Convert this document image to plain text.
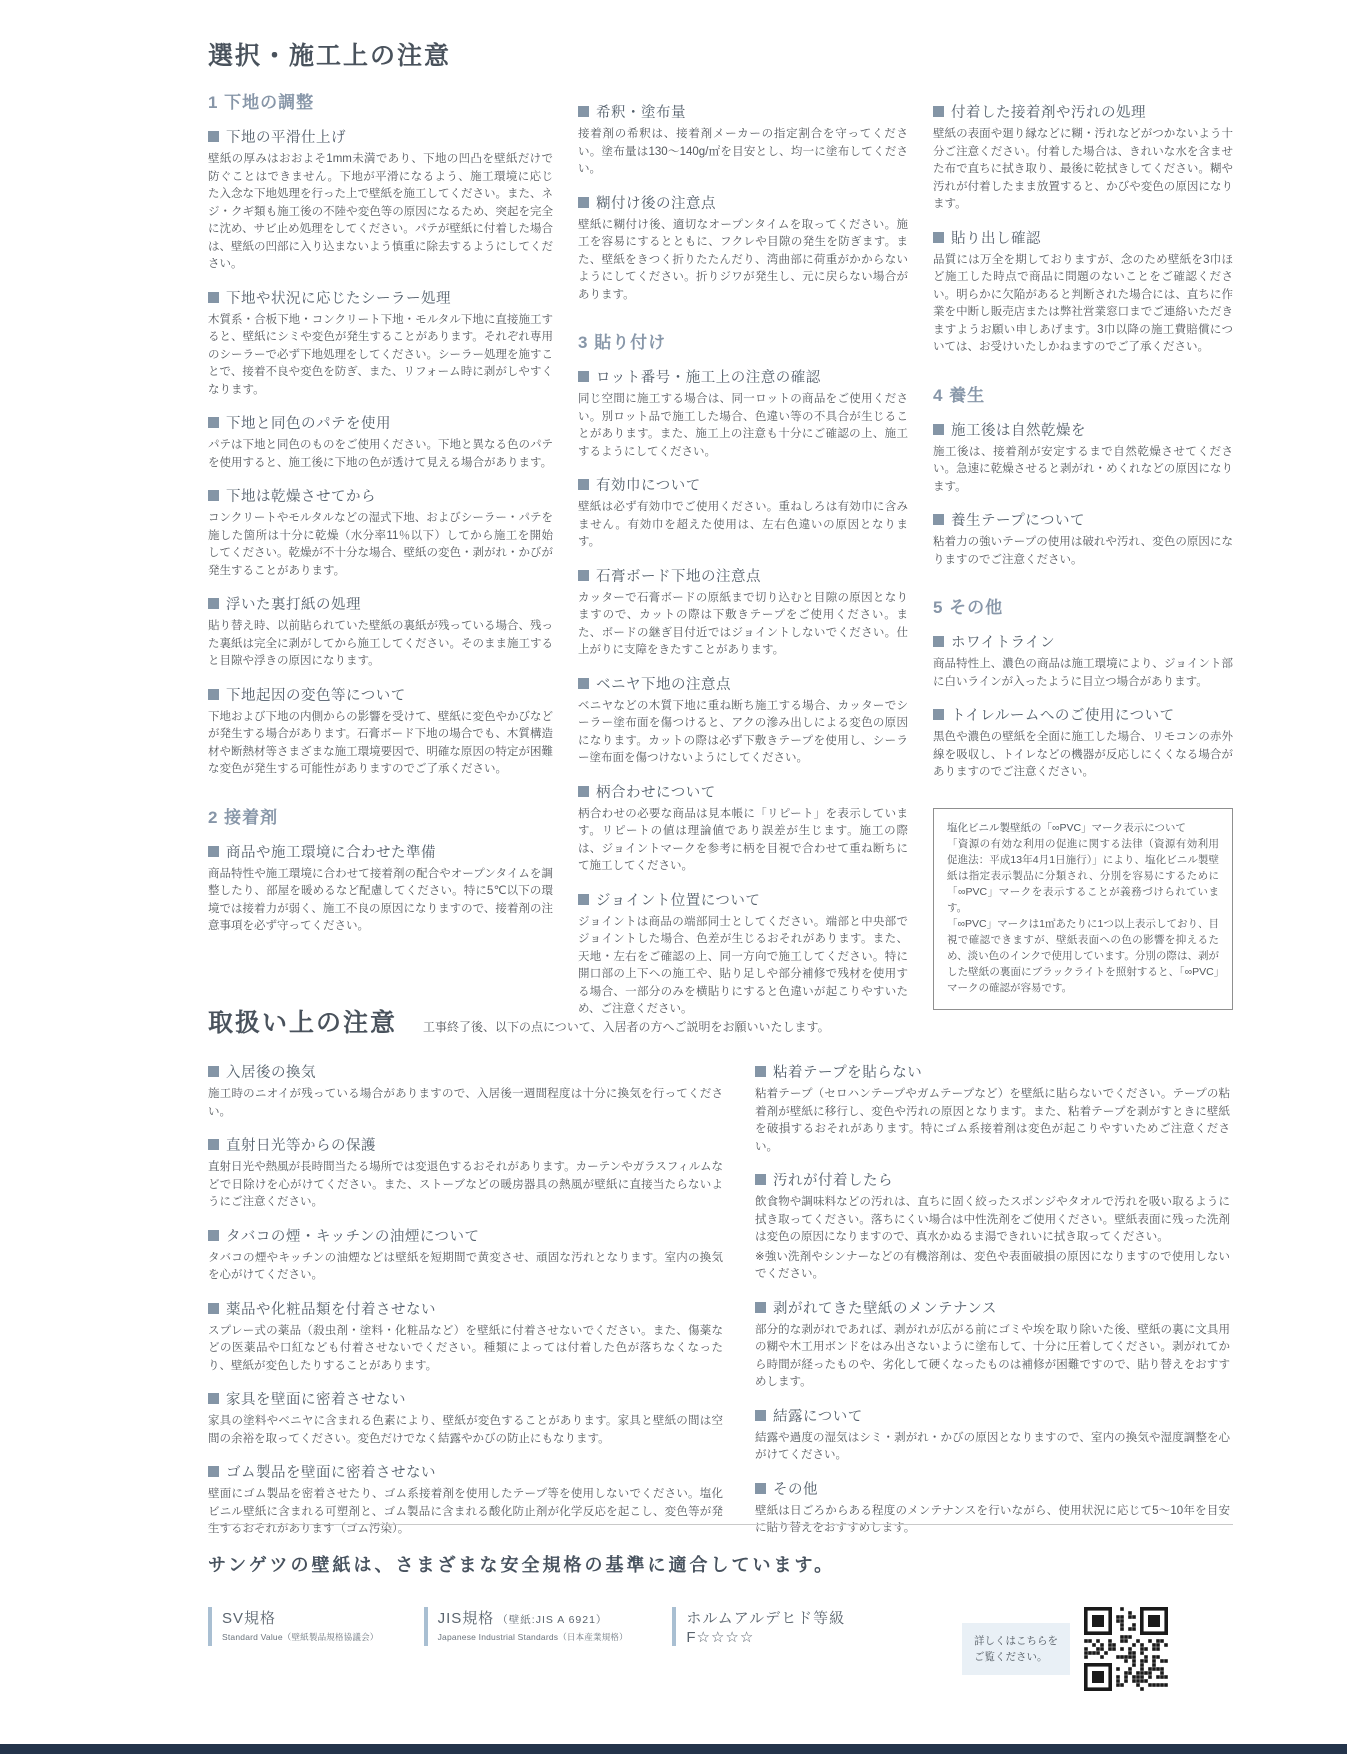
選択・施工上の注意
1 下地の調整
下地の平滑仕上げ

壁紙の厚みはおおよそ1mm未満であり、下地の凹凸を壁紙だけで防ぐことはできません。下地が平滑になるよう、施工環境に応じた入念な下地処理を行った上で壁紙を施工してください。また、ネジ・クギ類も施工後の不陸や変色等の原因になるため、突起を完全に沈め、サビ止め処理をしてください。パテが壁紙に付着した場合は、壁紙の凹部に入り込まないよう慎重に除去するようにしてください。

下地や状況に応じたシーラー処理

木質系・合板下地・コンクリート下地・モルタル下地に直接施工すると、壁紙にシミや変色が発生することがあります。それぞれ専用のシーラーで必ず下地処理をしてください。シーラー処理を施すことで、接着不良や変色を防ぎ、また、リフォーム時に剥がしやすくなります。

下地と同色のパテを使用

パテは下地と同色のものをご使用ください。下地と異なる色のパテを使用すると、施工後に下地の色が透けて見える場合があります。

下地は乾燥させてから

コンクリートやモルタルなどの湿式下地、およびシーラー・パテを施した箇所は十分に乾燥（水分率11％以下）してから施工を開始してください。乾燥が不十分な場合、壁紙の変色・剥がれ・かびが発生することがあります。

浮いた裏打紙の処理

貼り替え時、以前貼られていた壁紙の裏紙が残っている場合、残った裏紙は完全に剥がしてから施工してください。そのまま施工すると目隙や浮きの原因になります。

下地起因の変色等について

下地および下地の内側からの影響を受けて、壁紙に変色やかびなどが発生する場合があります。石膏ボード下地の場合でも、木質構造材や断熱材等さまざまな施工環境要因で、明確な原因の特定が困難な変色が発生する可能性がありますのでご了承ください。

2 接着剤
商品や施工環境に合わせた準備

商品特性や施工環境に合わせて接着剤の配合やオープンタイムを調整したり、部屋を暖めるなど配慮してください。特に5℃以下の環境では接着力が弱く、施工不良の原因になりますので、接着剤の注意事項を必ず守ってください。

希釈・塗布量

接着剤の希釈は、接着剤メーカーの指定割合を守ってください。塗布量は130〜140g/㎡を目安とし、均一に塗布してください。

糊付け後の注意点

壁紙に糊付け後、適切なオープンタイムを取ってください。施工を容易にするとともに、フクレや目隙の発生を防ぎます。また、壁紙をきつく折りたたんだり、湾曲部に荷重がかからないようにしてください。折りジワが発生し、元に戻らない場合があります。

3 貼り付け
ロット番号・施工上の注意の確認

同じ空間に施工する場合は、同一ロットの商品をご使用ください。別ロット品で施工した場合、色違い等の不具合が生じることがあります。また、施工上の注意も十分にご確認の上、施工するようにしてください。

有効巾について

壁紙は必ず有効巾でご使用ください。重ねしろは有効巾に含みません。有効巾を超えた使用は、左右色違いの原因となります。

石膏ボード下地の注意点

カッターで石膏ボードの原紙まで切り込むと目隙の原因となりますので、カットの際は下敷きテープをご使用ください。また、ボードの継ぎ目付近ではジョイントしないでください。仕上がりに支障をきたすことがあります。

ベニヤ下地の注意点

ベニヤなどの木質下地に重ね断ち施工する場合、カッターでシーラー塗布面を傷つけると、アクの滲み出しによる変色の原因になります。カットの際は必ず下敷きテープを使用し、シーラー塗布面を傷つけないようにしてください。

柄合わせについて

柄合わせの必要な商品は見本帳に「リピート」を表示しています。リピートの値は理論値であり誤差が生じます。施工の際は、ジョイントマークを参考に柄を目視で合わせて重ね断ちにて施工してください。

ジョイント位置について

ジョイントは商品の端部同士としてください。端部と中央部でジョイントした場合、色差が生じるおそれがあります。また、天地・左右をご確認の上、同一方向で施工してください。特に開口部の上下への施工や、貼り足しや部分補修で残材を使用する場合、一部分のみを横貼りにすると色違いが起こりやすいため、ご注意ください。

付着した接着剤や汚れの処理

壁紙の表面や廻り縁などに糊・汚れなどがつかないよう十分ご注意ください。付着した場合は、きれいな水を含ませた布で直ちに拭き取り、最後に乾拭きしてください。糊や汚れが付着したまま放置すると、かびや変色の原因になります。

貼り出し確認

品質には万全を期しておりますが、念のため壁紙を3巾ほど施工した時点で商品に問題のないことをご確認ください。明らかに欠陥があると判断された場合には、直ちに作業を中断し販売店または弊社営業窓口までご連絡いただきますようお願い申しあげます。3巾以降の施工費賠償については、お受けいたしかねますのでご了承ください。

4 養生
施工後は自然乾燥を

施工後は、接着剤が安定するまで自然乾燥させてください。急速に乾燥させると剥がれ・めくれなどの原因になります。

養生テープについて

粘着力の強いテープの使用は破れや汚れ、変色の原因になりますのでご注意ください。

5 その他
ホワイトライン

商品特性上、濃色の商品は施工環境により、ジョイント部に白いラインが入ったように目立つ場合があります。

トイレルームへのご使用について

黒色や濃色の壁紙を全面に施工した場合、リモコンの赤外線を吸収し、トイレなどの機器が反応しにくくなる場合がありますのでご注意ください。

塩化ビニル製壁紙の「∞PVC」マーク表示について

「資源の有効な利用の促進に関する法律（資源有効利用促進法：平成13年4月1日施行）」により、塩化ビニル製壁紙は指定表示製品に分類され、分別を容易にするために「∞PVC」マークを表示することが義務づけられています。

「∞PVC」マークは1㎡あたりに1つ以上表示しており、目視で確認できますが、壁紙表面への色の影響を抑えるため、淡い色のインクで使用しています。分別の際は、剥がした壁紙の裏面にブラックライトを照射すると、「∞PVC」マークの確認が容易です。

取扱い上の注意 工事終了後、以下の点について、入居者の方へご説明をお願いいたします。

入居後の換気

施工時のニオイが残っている場合がありますので、入居後一週間程度は十分に換気を行ってください。

直射日光等からの保護

直射日光や熱風が長時間当たる場所では変退色するおそれがあります。カーテンやガラスフィルムなどで日除けを心がけてください。また、ストーブなどの暖房器具の熱風が壁紙に直接当たらないようにご注意ください。

タバコの煙・キッチンの油煙について

タバコの煙やキッチンの油煙などは壁紙を短期間で黄変させ、頑固な汚れとなります。室内の換気を心がけてください。

薬品や化粧品類を付着させない

スプレー式の薬品（殺虫剤・塗料・化粧品など）を壁紙に付着させないでください。また、傷薬などの医薬品や口紅なども付着させないでください。種類によっては付着した色が落ちなくなったり、壁紙が変色したりすることがあります。

家具を壁面に密着させない

家具の塗料やベニヤに含まれる色素により、壁紙が変色することがあります。家具と壁紙の間は空間の余裕を取ってください。変色だけでなく結露やかびの防止にもなります。

ゴム製品を壁面に密着させない

壁面にゴム製品を密着させたり、ゴム系接着剤を使用したテープ等を使用しないでください。塩化ビニル壁紙に含まれる可塑剤と、ゴム製品に含まれる酸化防止剤が化学反応を起こし、変色等が発生するおそれがあります（ゴム汚染）。

粘着テープを貼らない

粘着テープ（セロハンテープやガムテープなど）を壁紙に貼らないでください。テープの粘着剤が壁紙に移行し、変色や汚れの原因となります。また、粘着テープを剥がすときに壁紙を破損するおそれがあります。特にゴム系接着剤は変色が起こりやすいためご注意ください。

汚れが付着したら

飲食物や調味料などの汚れは、直ちに固く絞ったスポンジやタオルで汚れを吸い取るように拭き取ってください。落ちにくい場合は中性洗剤をご使用ください。壁紙表面に残った洗剤は変色の原因になりますので、真水かぬるま湯できれいに拭き取ってください。

※強い洗剤やシンナーなどの有機溶剤は、変色や表面破損の原因になりますので使用しないでください。

剥がれてきた壁紙のメンテナンス

部分的な剥がれであれば、剥がれが広がる前にゴミや埃を取り除いた後、壁紙の裏に文具用の糊や木工用ボンドをはみ出さないように塗布して、十分に圧着してください。剥がれてから時間が経ったものや、劣化して硬くなったものは補修が困難ですので、貼り替えをおすすめします。

結露について

結露や過度の湿気はシミ・剥がれ・かびの原因となりますので、室内の換気や湿度調整を心がけてください。

その他

壁紙は日ごろからある程度のメンテナンスを行いながら、使用状況に応じて5〜10年を目安に貼り替えをおすすめします。

サンゲツの壁紙は、さまざまな安全規格の基準に適合しています。

SV規格
Standard Value（壁紙製品規格協議会）
JIS規格 （壁紙:JIS A 6921）
Japanese Industrial Standards（日本産業規格）
ホルムアルデヒド等級 F☆☆☆☆	詳しくはこちらを
ご覧ください。
